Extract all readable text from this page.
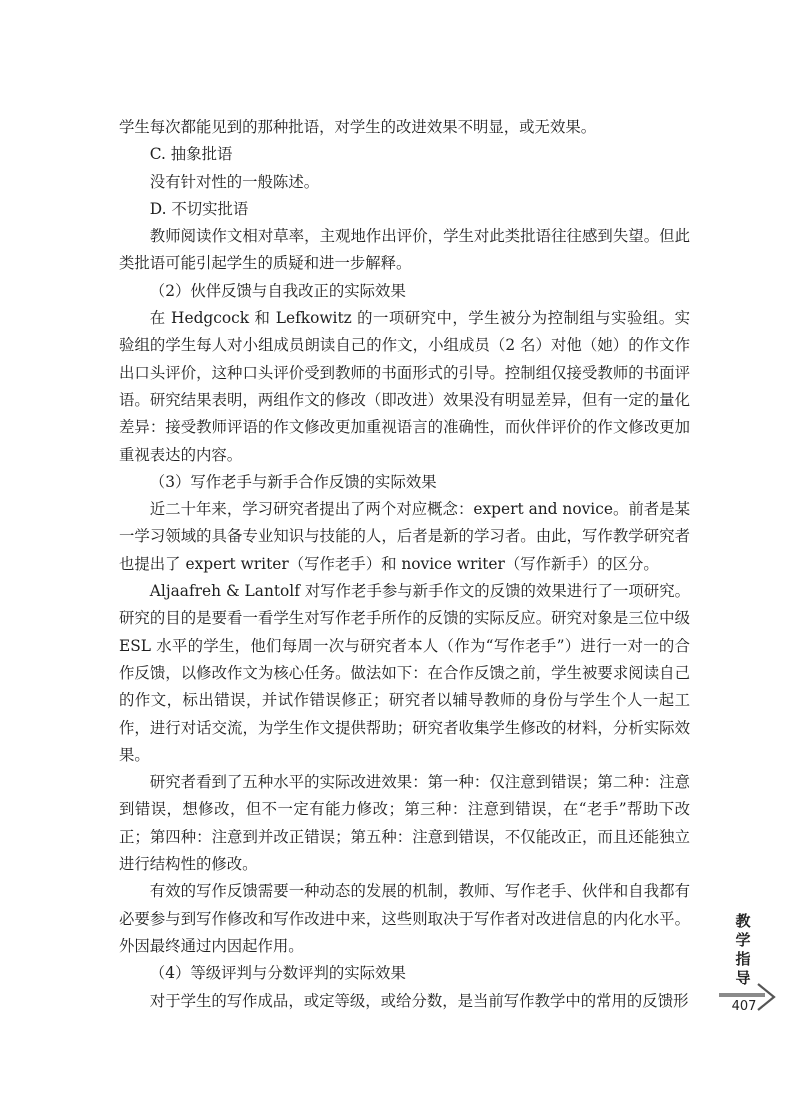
学生每次都能见到的那种批语，对学生的改进效果不明显，或无效果。

C. 抽象批语

没有针对性的一般陈述。

D. 不切实批语

教师阅读作文相对草率，主观地作出评价，学生对此类批语往往感到失望。但此类批语可能引起学生的质疑和进一步解释。

（2）伙伴反馈与自我改正的实际效果

在 Hedgcock 和 Lefkowitz 的一项研究中，学生被分为控制组与实验组。实验组的学生每人对小组成员朗读自己的作文，小组成员（2 名）对他（她）的作文作出口头评价，这种口头评价受到教师的书面形式的引导。控制组仅接受教师的书面评语。研究结果表明，两组作文的修改（即改进）效果没有明显差异，但有一定的量化差异：接受教师评语的作文修改更加重视语言的准确性，而伙伴评价的作文修改更加重视表达的内容。

（3）写作老手与新手合作反馈的实际效果

近二十年来，学习研究者提出了两个对应概念：expert and novice。前者是某一学习领域的具备专业知识与技能的人，后者是新的学习者。由此，写作教学研究者也提出了 expert writer（写作老手）和 novice writer（写作新手）的区分。

Aljaafreh & Lantolf 对写作老手参与新手作文的反馈的效果进行了一项研究。研究的目的是要看一看学生对写作老手所作的反馈的实际反应。研究对象是三位中级 ESL 水平的学生，他们每周一次与研究者本人（作为“写作老手”）进行一对一的合作反馈，以修改作文为核心任务。做法如下：在合作反馈之前，学生被要求阅读自己的作文，标出错误，并试作错误修正；研究者以辅导教师的身份与学生个人一起工作，进行对话交流，为学生作文提供帮助；研究者收集学生修改的材料，分析实际效果。

研究者看到了五种水平的实际改进效果：第一种：仅注意到错误；第二种：注意到错误，想修改，但不一定有能力修改；第三种：注意到错误，在“老手”帮助下改正；第四种：注意到并改正错误；第五种：注意到错误，不仅能改正，而且还能独立进行结构性的修改。

有效的写作反馈需要一种动态的发展的机制，教师、写作老手、伙伴和自我都有必要参与到写作修改和写作改进中来，这些则取决于写作者对改进信息的内化水平。外因最终通过内因起作用。

（4）等级评判与分数评判的实际效果

对于学生的写作成品，或定等级，或给分数，是当前写作教学中的常用的反馈形

教
学
指
导
407
